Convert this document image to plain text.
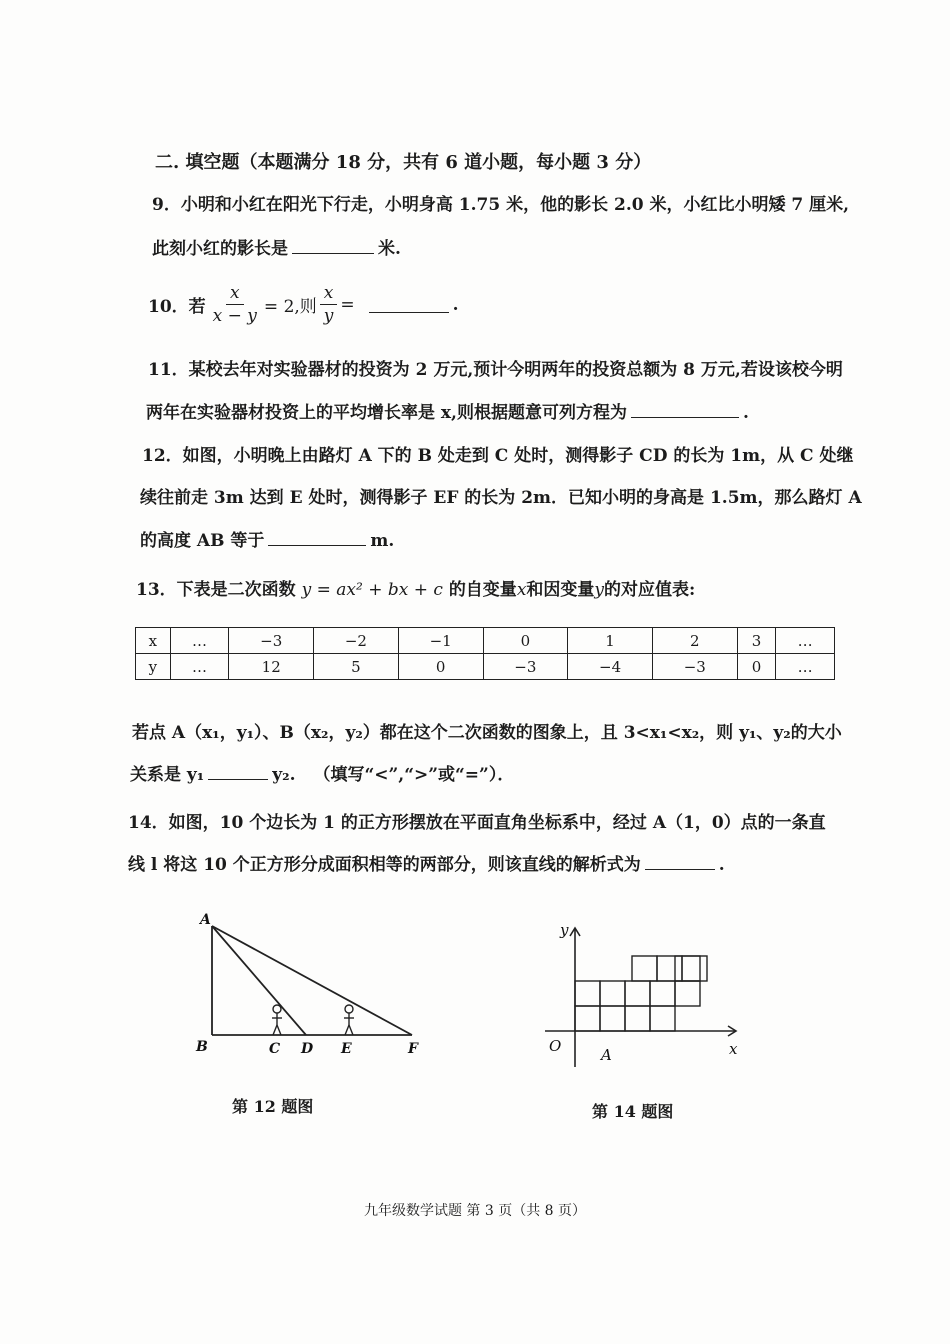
二. 填空题（本题满分 18 分，共有 6 道小题，每小题 3 分）
9．小明和小红在阳光下行走，小明身高 1.75 米，他的影长 2.0 米，小红比小明矮 7 厘米,
此刻小红的影长是	米.
10．若 $\frac{x}{x - y} = 2$,则 $\frac{x}{y}$ =	.
11．某校去年对实验器材的投资为 2 万元,预计今明两年的投资总额为 8 万元,若设该校今明
两年在实验器材投资上的平均增长率是 x,则根据题意可列方程为	.
12．如图，小明晚上由路灯 A 下的 B 处走到 C 处时，测得影子 CD 的长为 1m，从 C 处继
续往前走 3m 达到 E 处时，测得影子 EF 的长为 2m．已知小明的身高是 1.5m，那么路灯 A
的高度 AB 等于	m.
13．下表是二次函数 y = ax² + bx + c 的自变量x和因变量y的对应值表:
x	…	−3	−2	−1	0	1	2	3	…
y	…	12	5	0	−3	−4	−3	0	…
若点 A（x₁，y₁）、B（x₂，y₂）都在这个二次函数的图象上，且 3<x₁<x₂，则 y₁、y₂的大小
关系是 y₁	y₂. （填写“<”,“>”或“=”）．
14．如图，10 个边长为 1 的正方形摆放在平面直角坐标系中，经过 A（1，0）点的一条直
线 l 将这 10 个正方形分成面积相等的两部分，则该直线的解析式为	.
A
B	C D E	F
第 12 题图
O	A	x
y
第 14 题图
九年级数学试题 第 3 页（共 8 页）
